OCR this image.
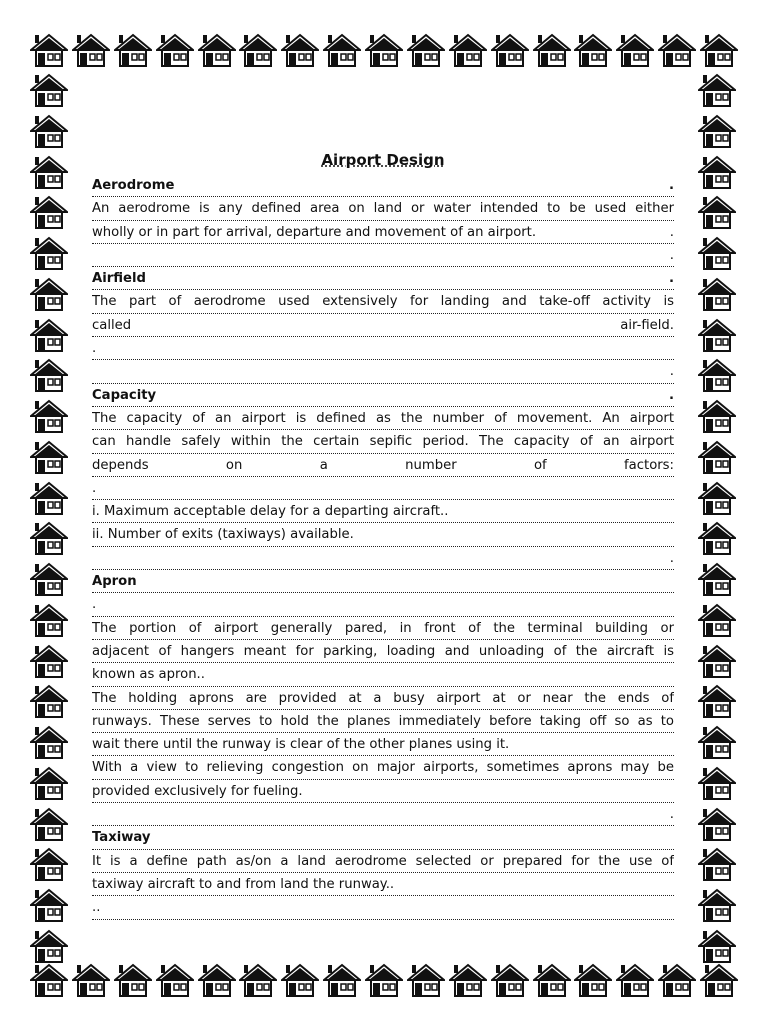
Airport Design
Aerodrome	.
An aerodrome is any defined area on land or water intended to be used either
wholly or in part for arrival, departure and movement of an airport.	.
.
Airfield	.
The part of aerodrome used extensively for landing and take-off activity is
called air-field.
.
.
Capacity	.
The capacity of an airport is defined as the number of movement. An airport
can handle safely within the certain sepific period. The capacity of an airport
depends on a number of factors:
.
i. Maximum acceptable delay for a departing aircraft..
ii. Number of exits (taxiways) available.
.
Apron
.
The portion of airport generally pared, in front of the terminal building or
adjacent of hangers meant for parking, loading and unloading of the aircraft is
known as apron..
The holding aprons are provided at a busy airport at or near the ends of
runways. These serves to hold the planes immediately before taking off so as to
wait there until the runway is clear of the other planes using it.
With a view to relieving congestion on major airports, sometimes aprons may be
provided exclusively for fueling.
.
Taxiway
It is a define path as/on a land aerodrome selected or prepared for the use of
taxiway aircraft to and from land the runway..
..
